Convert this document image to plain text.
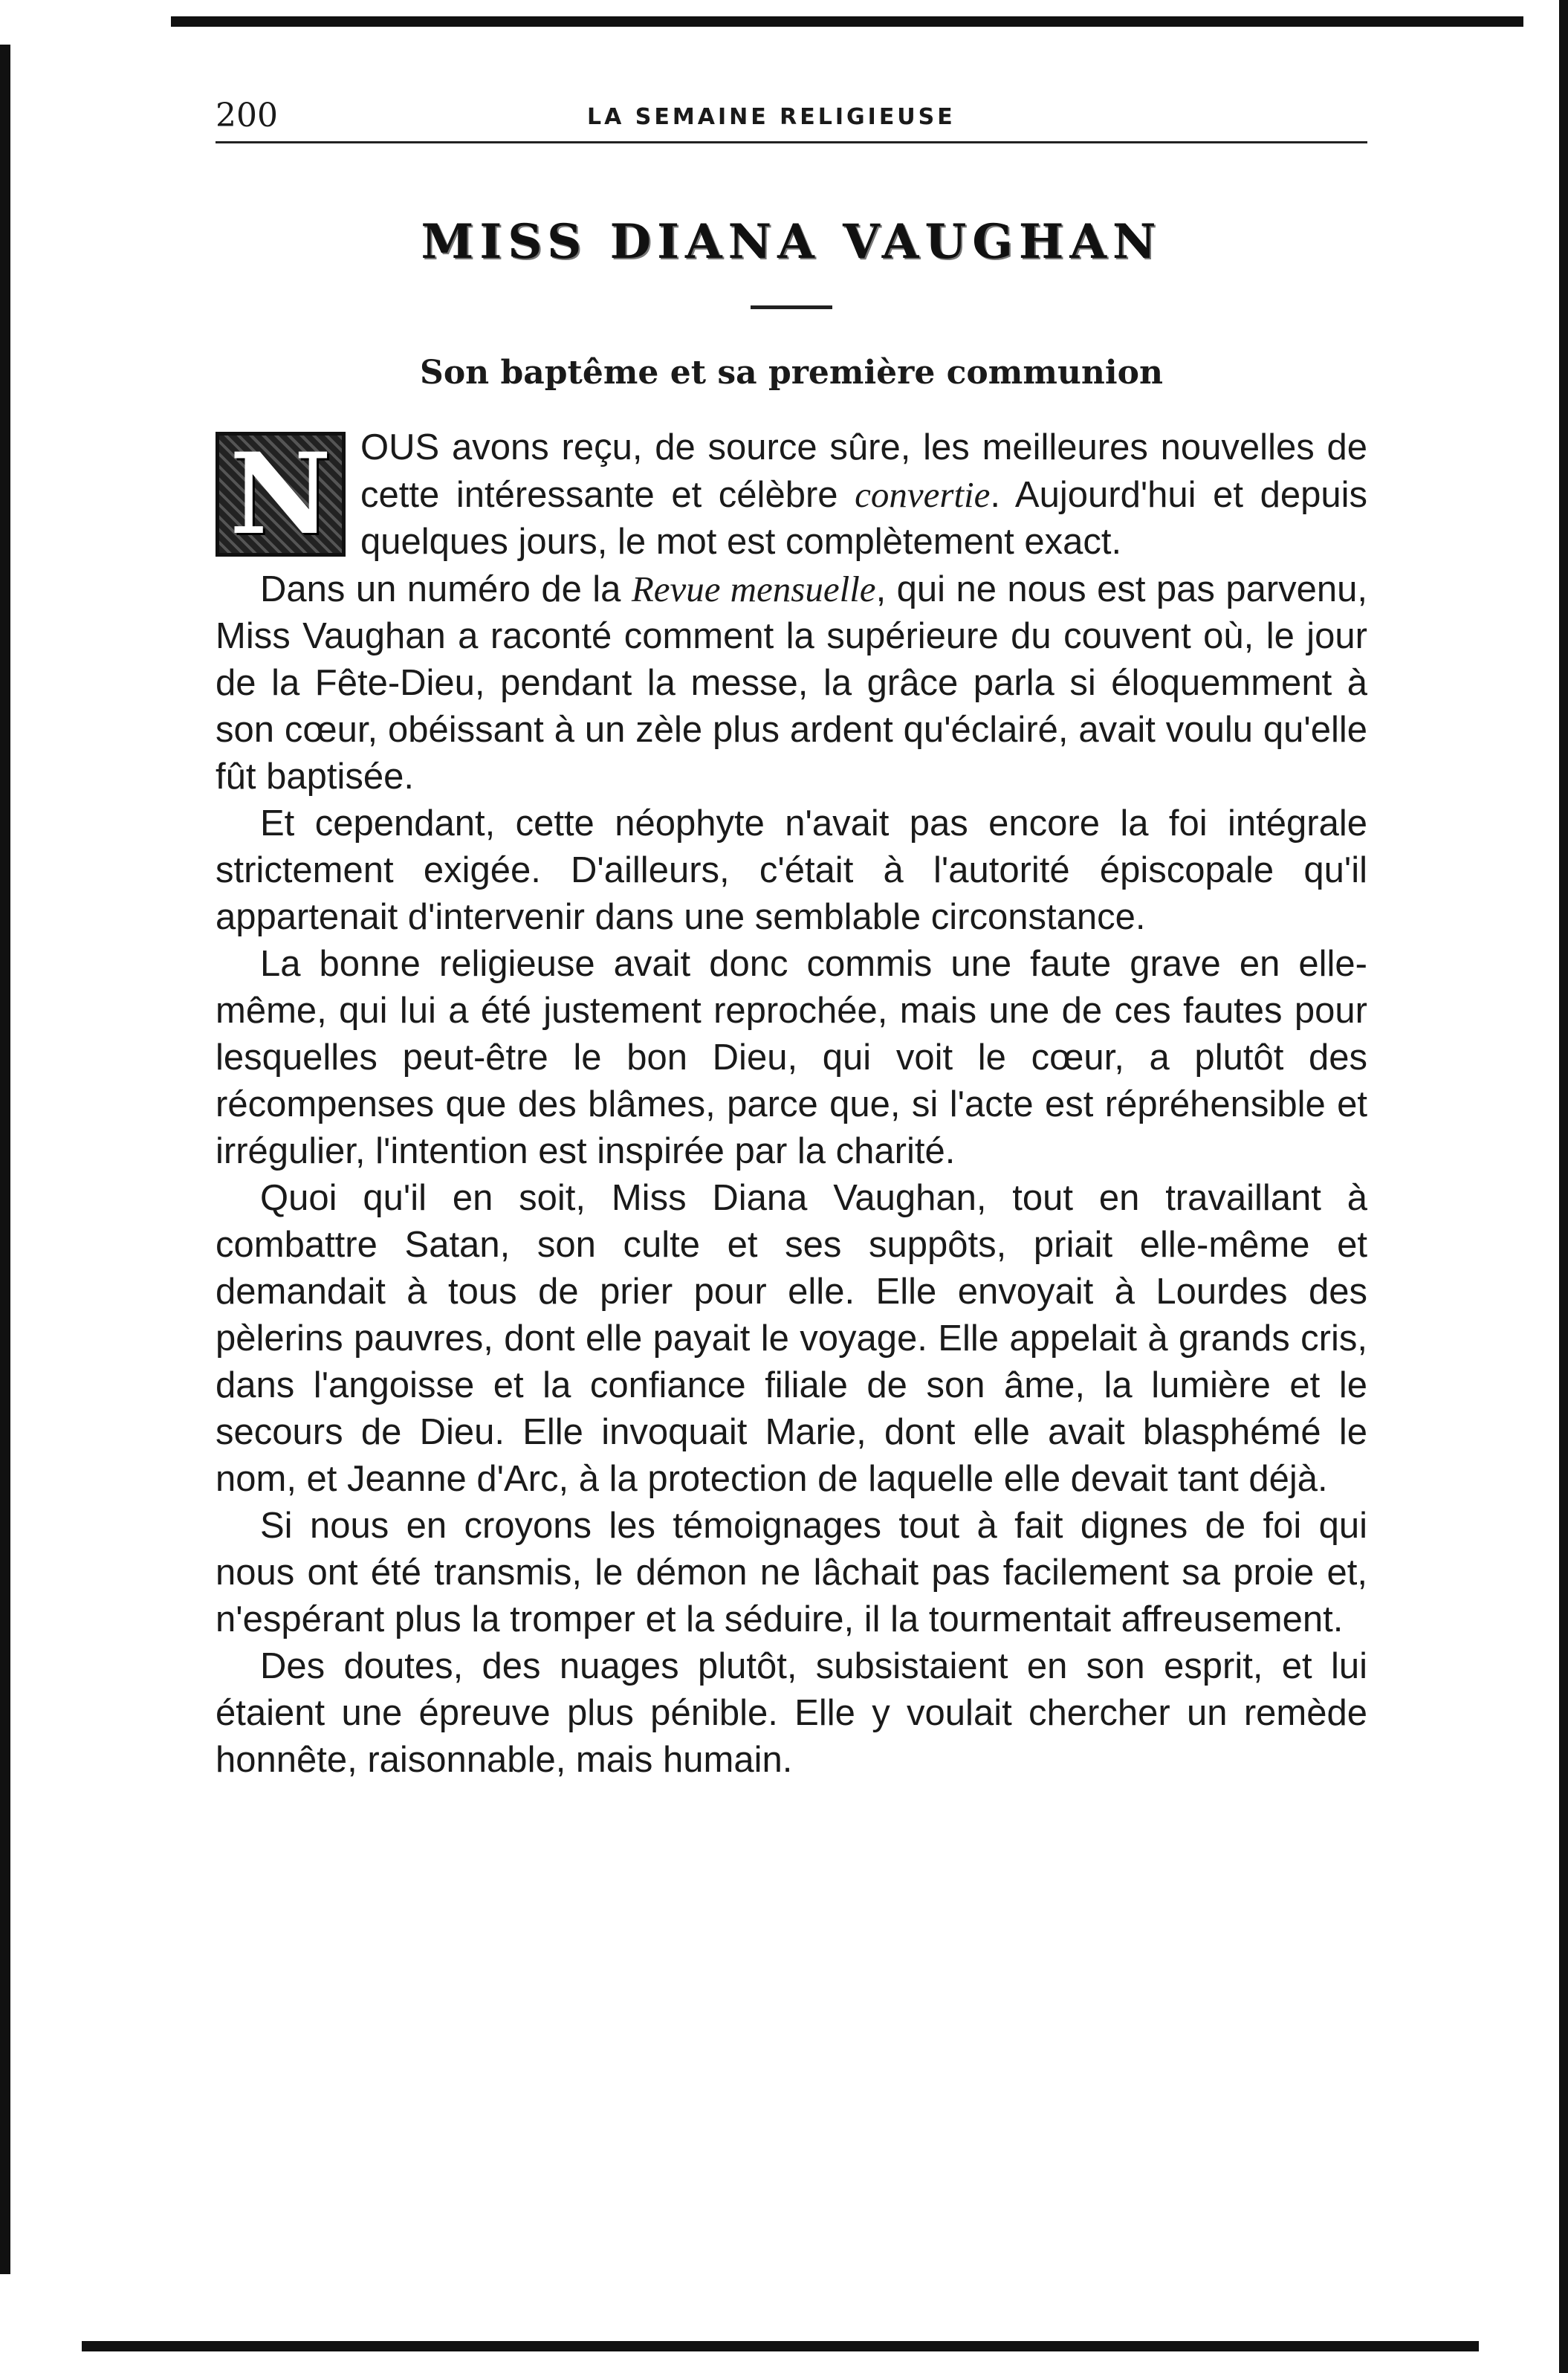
200	LA SEMAINE RELIGIEUSE
MISS DIANA VAUGHAN
Son baptême et sa première communion
N OUS avons reçu, de source sûre, les meilleures nouvelles de cette intéressante et célèbre convertie. Aujourd'hui et depuis quelques jours, le mot est complètement exact.

Dans un numéro de la Revue mensuelle, qui ne nous est pas parvenu, Miss Vaughan a raconté comment la supérieure du couvent où, le jour de la Fête-Dieu, pendant la messe, la grâce parla si éloquemment à son cœur, obéissant à un zèle plus ardent qu'éclairé, avait voulu qu'elle fût baptisée.

Et cependant, cette néophyte n'avait pas encore la foi intégrale strictement exigée. D'ailleurs, c'était à l'autorité épiscopale qu'il appartenait d'intervenir dans une semblable circonstance.

La bonne religieuse avait donc commis une faute grave en elle-même, qui lui a été justement reprochée, mais une de ces fautes pour lesquelles peut-être le bon Dieu, qui voit le cœur, a plutôt des récompenses que des blâmes, parce que, si l'acte est répréhensible et irrégulier, l'intention est inspirée par la charité.

Quoi qu'il en soit, Miss Diana Vaughan, tout en travaillant à combattre Satan, son culte et ses suppôts, priait elle-même et demandait à tous de prier pour elle. Elle envoyait à Lourdes des pèlerins pauvres, dont elle payait le voyage. Elle appelait à grands cris, dans l'angoisse et la confiance filiale de son âme, la lumière et le secours de Dieu. Elle invoquait Marie, dont elle avait blasphémé le nom, et Jeanne d'Arc, à la protection de laquelle elle devait tant déjà.

Si nous en croyons les témoignages tout à fait dignes de foi qui nous ont été transmis, le démon ne lâchait pas facilement sa proie et, n'espérant plus la tromper et la séduire, il la tourmentait affreusement.

Des doutes, des nuages plutôt, subsistaient en son esprit, et lui étaient une épreuve plus pénible. Elle y voulait chercher un remède honnête, raisonnable, mais humain.
